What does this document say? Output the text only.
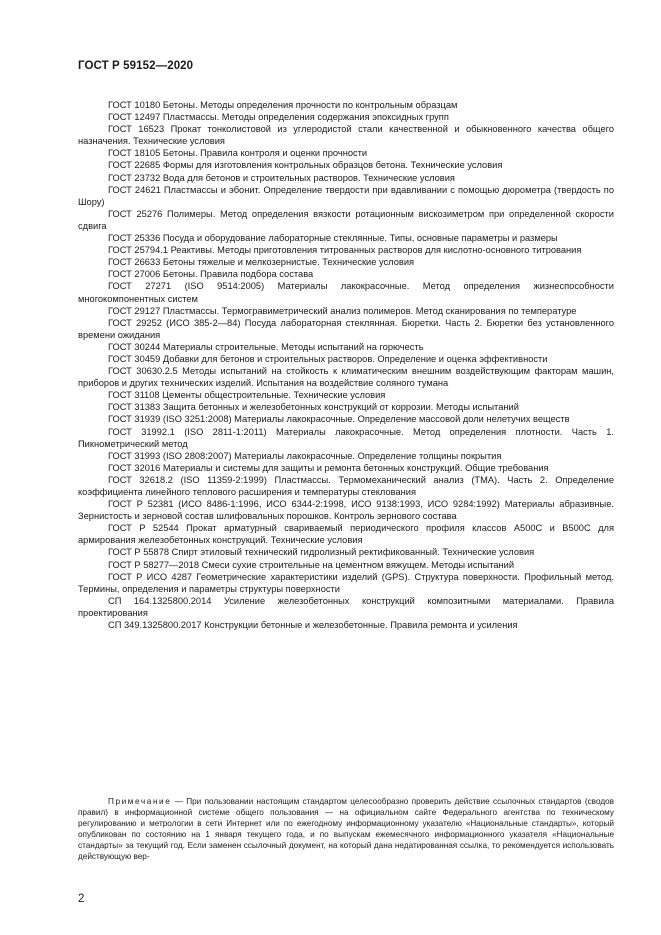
ГОСТ Р 59152—2020

ГОСТ 10180 Бетоны. Методы определения прочности по контрольным образцам

ГОСТ 12497 Пластмассы. Методы определения содержания эпоксидных групп

ГОСТ 16523 Прокат тонколистовой из углеродистой стали качественной и обыкновенного качества общего назначения. Технические условия

ГОСТ 18105 Бетоны. Правила контроля и оценки прочности

ГОСТ 22685 Формы для изготовления контрольных образцов бетона. Технические условия

ГОСТ 23732 Вода для бетонов и строительных растворов. Технические условия

ГОСТ 24621 Пластмассы и эбонит. Определение твердости при вдавливании с помощью дюрометра (твердость по Шору)

ГОСТ 25276 Полимеры. Метод определения вязкости ротационным вискозиметром при определенной скорости сдвига

ГОСТ 25336 Посуда и оборудование лабораторные стеклянные. Типы, основные параметры и размеры

ГОСТ 25794.1 Реактивы. Методы приготовления титрованных растворов для кислотно-основного титрования

ГОСТ 26633 Бетоны тяжелые и мелкозернистые. Технические условия

ГОСТ 27006 Бетоны. Правила подбора состава

ГОСТ 27271 (ISO 9514:2005) Материалы лакокрасочные. Метод определения жизнеспособности многокомпонентных систем

ГОСТ 29127 Пластмассы. Термогравиметрический анализ полимеров. Метод сканирования по температуре

ГОСТ 29252 (ИСО 385-2—84) Посуда лабораторная стеклянная. Бюретки. Часть 2. Бюретки без установленного времени ожидания

ГОСТ 30244 Материалы строительные. Методы испытаний на горючесть

ГОСТ 30459 Добавки для бетонов и строительных растворов. Определение и оценка эффективности

ГОСТ 30630.2.5 Методы испытаний на стойкость к климатическим внешним воздействующим факторам машин, приборов и других технических изделий. Испытания на воздействие соляного тумана

ГОСТ 31108 Цементы общестроительные. Технические условия

ГОСТ 31383 Защита бетонных и железобетонных конструкций от коррозии. Методы испытаний

ГОСТ 31939 (ISO 3251:2008) Материалы лакокрасочные. Определение массовой доли нелетучих веществ

ГОСТ 31992.1 (ISO 2811-1:2011) Материалы лакокрасочные. Метод определения плотности. Часть 1. Пикнометрический метод

ГОСТ 31993 (ISO 2808:2007) Материалы лакокрасочные. Определение толщины покрытия

ГОСТ 32016 Материалы и системы для защиты и ремонта бетонных конструкций. Общие требования

ГОСТ 32618.2 (ISO 11359-2:1999) Пластмассы. Термомеханический анализ (ТМА). Часть 2. Определение коэффициента линейного теплового расширения и температуры стеклования

ГОСТ Р 52381 (ИСО 8486-1:1996, ИСО 6344-2:1998, ИСО 9138:1993, ИСО 9284:1992) Материалы абразивные. Зернистость и зерновой состав шлифовальных порошков. Контроль зернового состава

ГОСТ Р 52544 Прокат арматурный свариваемый периодического профиля классов А500С и В500С для армирования железобетонных конструкций. Технические условия

ГОСТ Р 55878 Спирт этиловый технический гидролизный ректификованный. Технические условия

ГОСТ Р 58277—2018 Смеси сухие строительные на цементном вяжущем. Методы испытаний

ГОСТ Р ИСО 4287 Геометрические характеристики изделий (GPS). Структура поверхности. Профильный метод. Термины, определения и параметры структуры поверхности

СП 164.1325800.2014 Усиление железобетонных конструкций композитными материалами. Правила проектирования

СП 349.1325800.2017 Конструкции бетонные и железобетонные. Правила ремонта и усиления

Примечание — При пользовании настоящим стандартом целесообразно проверить действие ссылочных стандартов (сводов правил) в информационной системе общего пользования — на официальном сайте Федерального агентства по техническому регулированию и метрологии в сети Интернет или по ежегодному информационному указателю «Национальные стандарты», который опубликован по состоянию на 1 января текущего года, и по выпускам ежемесячного информационного указателя «Национальные стандарты» за текущий год. Если заменен ссылочный документ, на который дана недатированная ссылка, то рекомендуется использовать действующую вер-

2
